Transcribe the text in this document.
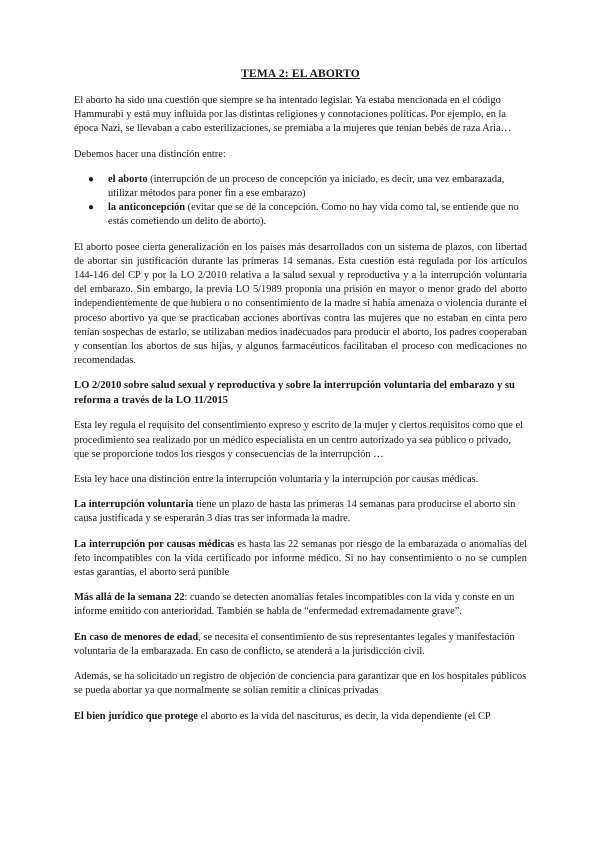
TEMA 2: EL ABORTO

El aborto ha sido una cuestión que siempre se ha intentado legislar. Ya estaba mencionada en el código Hammurabi y está muy influida por las distintas religiones y connotaciones políticas. Por ejemplo, en la época Nazi, se llevaban a cabo esterilizaciones, se premiaba a la mujeres que tenían bebés de raza Aria…

Debemos hacer una distinción entre:

● el aborto (interrupción de un proceso de concepción ya iniciado, es decir, una vez embarazada, utilizar métodos para poner fin a ese embarazo)
● la anticoncepción (evitar que se dé la concepción. Como no hay vida como tal, se entiende que no estás cometiendo un delito de aborto).

El aborto posee cierta generalización en los países más desarrollados con un sistema de plazos, con libertad de abortar sin justificación durante las primeras 14 semanas. Esta cuestión está regulada por los artículos 144-146 del CP y por la LO 2/2010 relativa a la salud sexual y reproductiva y a la interrupción voluntaria del embarazo. Sin embargo, la previa LO 5/1989 proponía una prisión en mayor o menor grado del aborto independientemente de que hubiera o no consentimiento de la madre si había amenaza o violencia durante el proceso abortivo ya que se practicaban acciones abortivas contra las mujeres que no estaban en cinta pero tenían sospechas de estarlo, se utilizaban medios inadecuados para producir el aborto, los padres cooperaban y consentían los abortos de sus hijas, y algunos farmacéuticos facilitaban el proceso con medicaciones no recomendadas.

LO 2/2010 sobre salud sexual y reproductiva y sobre la interrupción voluntaria del embarazo y su reforma a través de la LO 11/2015

Esta ley regula el requisito del consentimiento expreso y escrito de la mujer y ciertos requisitos como que el procedimiento sea realizado por un médico especialista en un centro autorizado ya sea público o privado, que se proporcione todos los riesgos y consecuencias de la interrupción …

Esta ley hace una distinción entre la interrupción voluntaria y la interrupción por causas médicas.

La interrupción voluntaria tiene un plazo de hasta las primeras 14 semanas para producirse el aborto sin causa justificada y se esperarán 3 días tras ser informada la madre.

La interrupción por causas médicas es hasta las 22 semanas por riesgo de la embarazada o anomalías del feto incompatibles con la vida certificado por informe médico. Si no hay consentimiento o no se cumplen estas garantías, el aborto será punible

Más allá de la semana 22: cuando se detecten anomalías fetales incompatibles con la vida y conste en un informe emitido con anterioridad. También se habla de “enfermedad extremadamente grave”.

En caso de menores de edad, se necesita el consentimiento de sus representantes legales y manifestación voluntaria de la embarazada. En caso de conflicto, se atenderá a la jurisdicción civil.

Además, se ha solicitado un registro de objeción de conciencia para garantizar que en los hospitales públicos se pueda abortar ya que normalmente se solían remitir a clínicas privadas

El bien jurídico que protege el aborto es la vida del nasciturus, es decir, la vida dependiente (el CP
